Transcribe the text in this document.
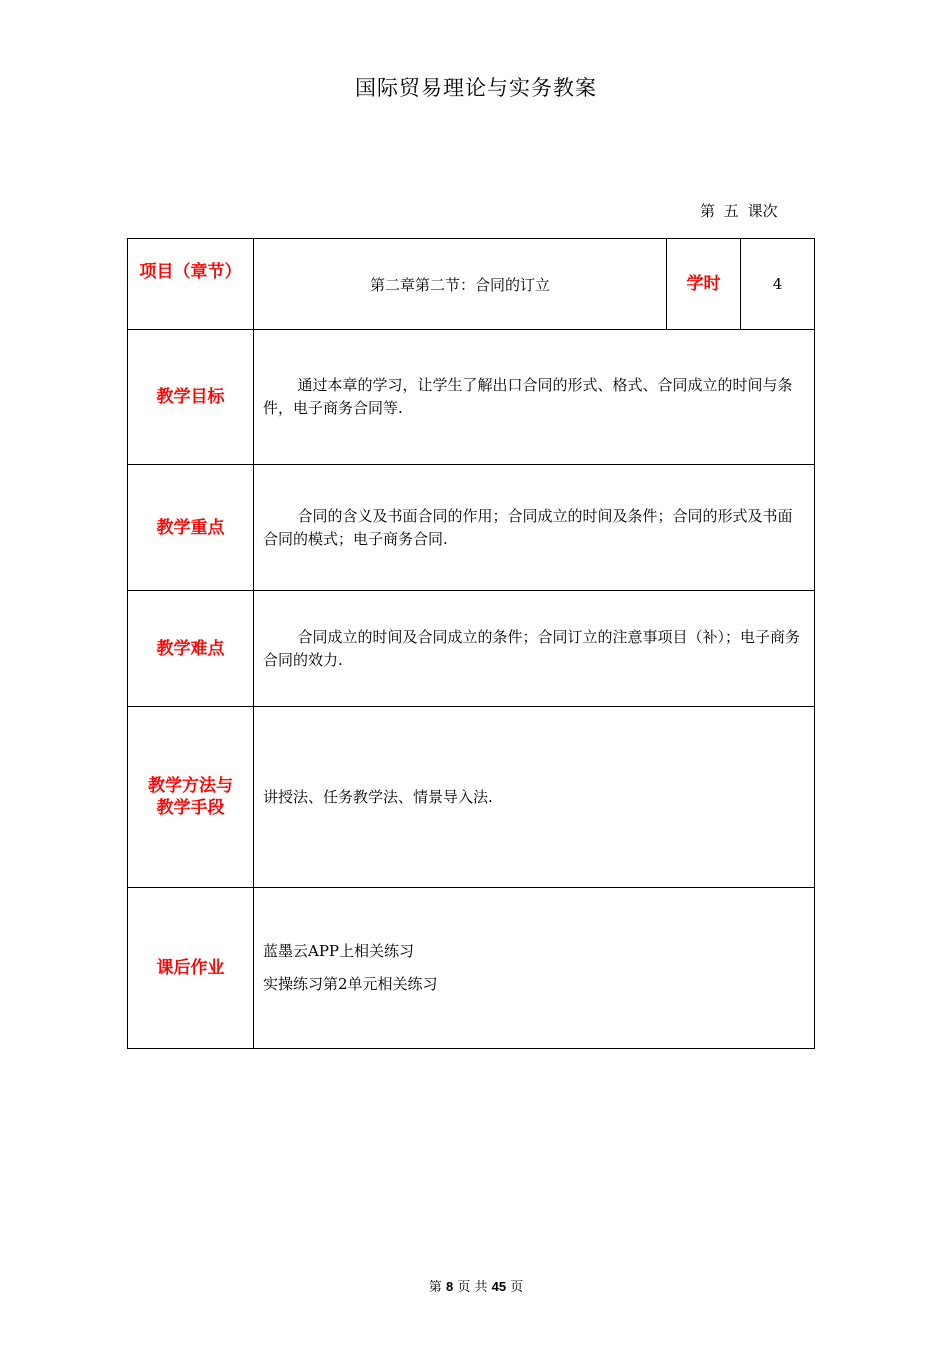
国际贸易理论与实务教案
第 五 课次
项目（章节）	第二章第二节：合同的订立	学时	4
教学目标	通过本章的学习，让学生了解出口合同的形式、格式、合同成立的时间与条件，电子商务合同等.		

教学重点	合同的含义及书面合同的作用；合同成立的时间及条件；合同的形式及书面合同的模式；电子商务合同.		

教学难点	合同成立的时间及合同成立的条件；合同订立的注意事项目（补）；电子商务合同的效力.		

教学方法与教学手段	讲授法、任务教学法、情景导入法.		

课后作业	蓝墨云APP上相关练习
实操练习第2单元相关练习		
第 8 页 共 45 页
